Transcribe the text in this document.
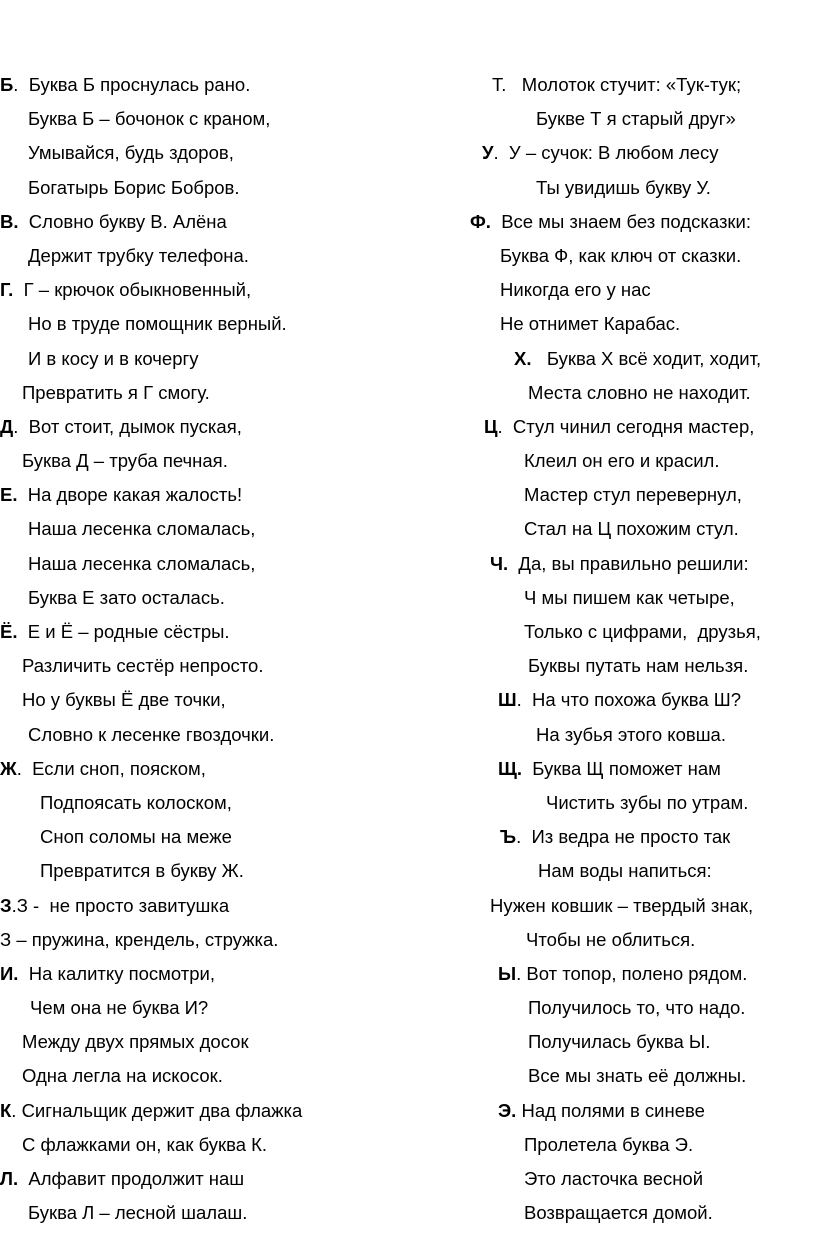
Б.  Буква Б проснулась рано.
Буква Б – бочонок с краном,
Умывайся, будь здоров,
Богатырь Борис Бобров.
В.  Словно букву В. Алёна
Держит трубку телефона.
Г.  Г – крючок обыкновенный,
Но в труде помощник верный.
И в косу и в кочергу
Превратить я Г смогу.
Д.  Вот стоит, дымок пуская,
Буква Д – труба печная.
Е.  На дворе какая жалость!
Наша лесенка сломалась,
Наша лесенка сломалась,
Буква Е зато осталась.
Ё.  Е и Ё – родные сёстры.
Различить сестёр непросто.
Но у буквы Ё две точки,
Словно к лесенке гвоздочки.
Ж.  Если сноп, пояском,
Подпоясать колоском,
Сноп соломы на меже
Превратится в букву Ж.
З.З -  не просто завитушка
З – пружина, крендель, стружка.
И.  На калитку посмотри,
Чем она не буква И?
Между двух прямых досок
Одна легла на искосок.
К. Сигнальщик держит два флажка
С флажками он, как буква К.
Л.  Алфавит продолжит наш
Буква Л – лесной шалаш.
Т.   Молоток стучит: «Тук-тук;
Букве Т я старый друг»
У.  У – сучок: В любом лесу
Ты увидишь букву У.
Ф.  Все мы знаем без подсказки:
Буква Ф, как ключ от сказки.
Никогда его у нас
Не отнимет Карабас.
Х.   Буква Х всё ходит, ходит,
Места словно не находит.
Ц.  Стул чинил сегодня мастер,
Клеил он его и красил.
Мастер стул перевернул,
Стал на Ц похожим стул.
Ч.  Да, вы правильно решили:
Ч мы пишем как четыре,
Только с цифрами,  друзья,
Буквы путать нам нельзя.
Ш.  На что похожа буква Ш?
На зубья этого ковша.
Щ.  Буква Щ поможет нам
Чистить зубы по утрам.
Ъ.  Из ведра не просто так
Нам воды напиться:
Нужен ковшик – твердый знак,
Чтобы не облиться.
Ы. Вот топор, полено рядом.
Получилось то, что надо.
Получилась буква Ы.
Все мы знать её должны.
Э. Над полями в синеве
Пролетела буква Э.
Это ласточка весной
Возвращается домой.
